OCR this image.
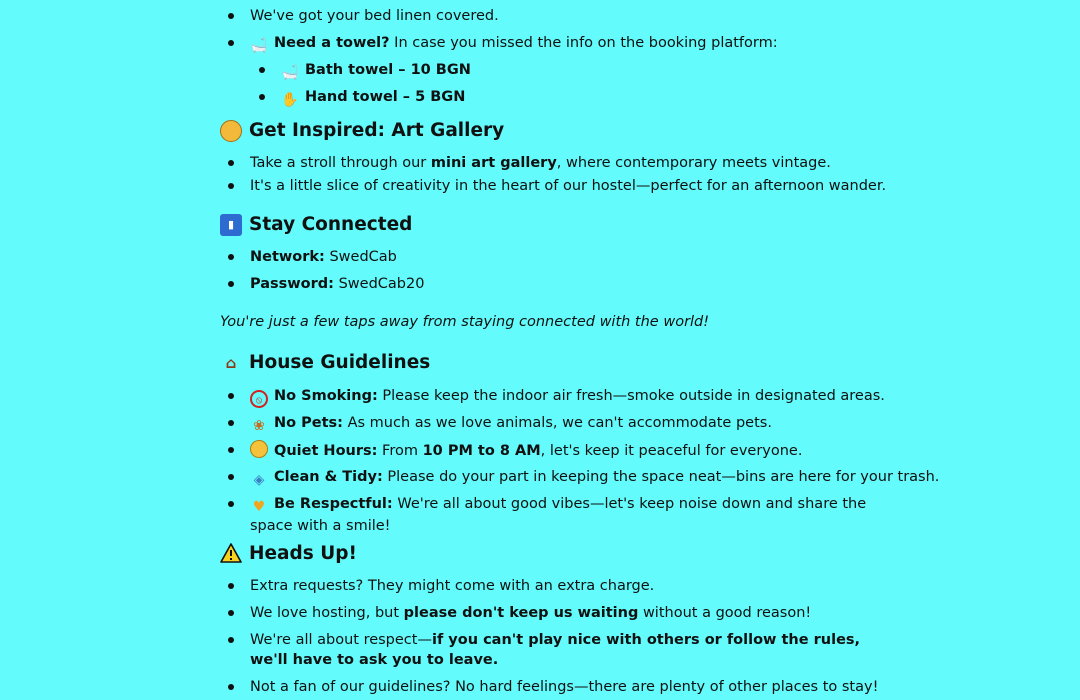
We've got your bed linen covered.
🛁 Need a towel? In case you missed the info on the booking platform:
🛁 Bath towel – 10 BGN
✋ Hand towel – 5 BGN
Get Inspired: Art Gallery
Take a stroll through our mini art gallery, where contemporary meets vintage.
It's a little slice of creativity in the heart of our hostel—perfect for an afternoon wander.
▮ Stay Connected
Network: SwedCab
Password: SwedCab20
You're just a few taps away from staying connected with the world!
⌂ House Guidelines
⦸ No Smoking: Please keep the indoor air fresh—smoke outside in designated areas.
❀ No Pets: As much as we love animals, we can't accommodate pets.
Quiet Hours: From 10 PM to 8 AM, let's keep it peaceful for everyone.
◈ Clean & Tidy: Please do your part in keeping the space neat—bins are here for your trash.
♥ Be Respectful: We're all about good vibes—let's keep noise down and share the space with a smile!
Heads Up!
Extra requests? They might come with an extra charge.
We love hosting, but please don't keep us waiting without a good reason!
We're all about respect—if you can't play nice with others or follow the rules, we'll have to ask you to leave.
Not a fan of our guidelines? No hard feelings—there are plenty of other places to stay!
